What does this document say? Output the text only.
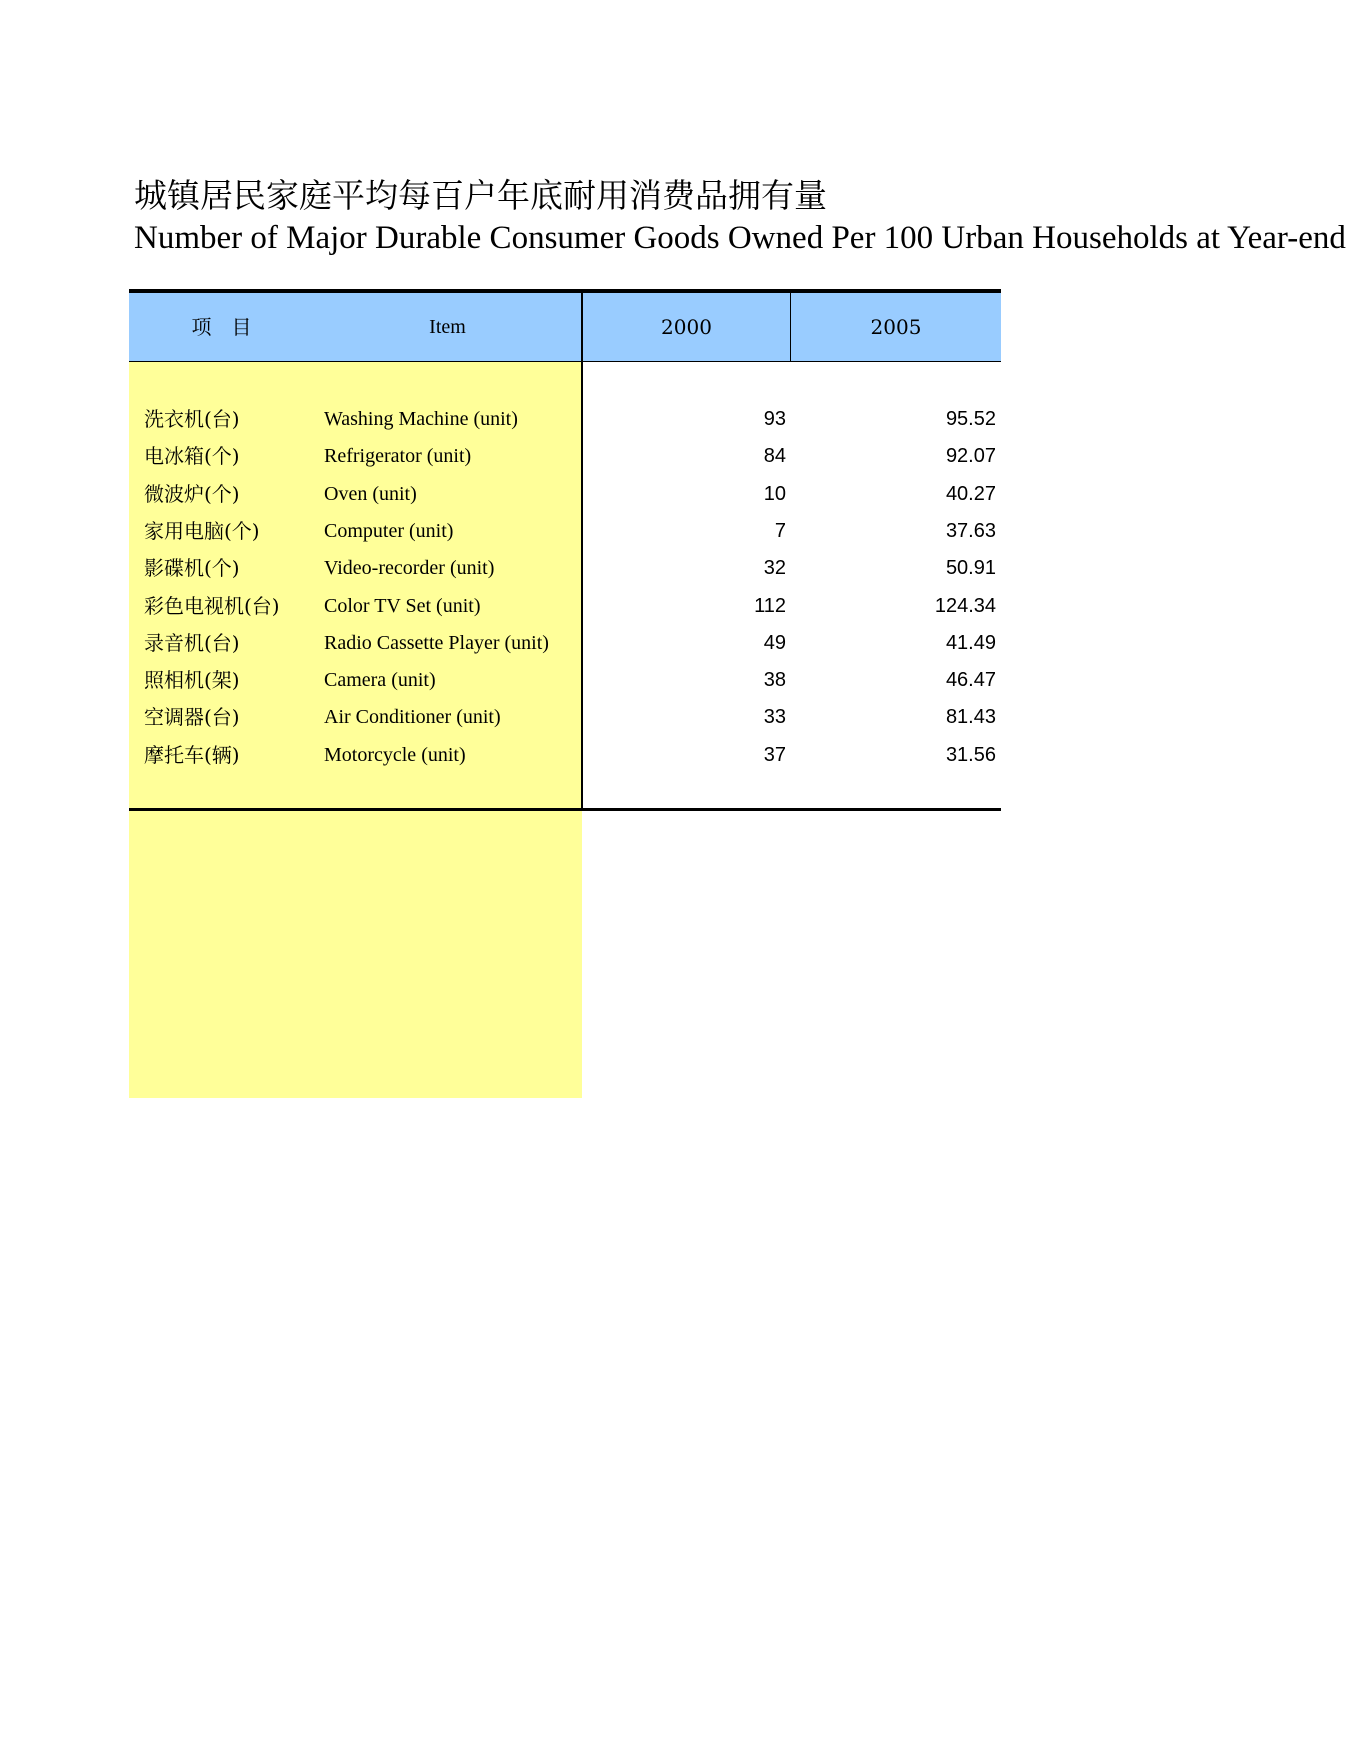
城镇居民家庭平均每百户年底耐用消费品拥有量
Number of Major Durable Consumer Goods Owned Per 100 Urban Households at Year-end
项　目	Item	2000	2005
洗衣机(台)	Washing Machine (unit)	93	95.52
电冰箱(个)	Refrigerator (unit)	84	92.07
微波炉(个)	Oven (unit)	10	40.27
家用电脑(个)	Computer (unit)	7	37.63
影碟机(个)	Video-recorder (unit)	32	50.91
彩色电视机(台) Color TV Set (unit)	112	124.34
录音机(台)	Radio Cassette Player (unit)	49	41.49
照相机(架)	Camera (unit)	38	46.47
空调器(台)	Air Conditioner (unit)	33	81.43
摩托车(辆)	Motorcycle (unit)	37	31.56
